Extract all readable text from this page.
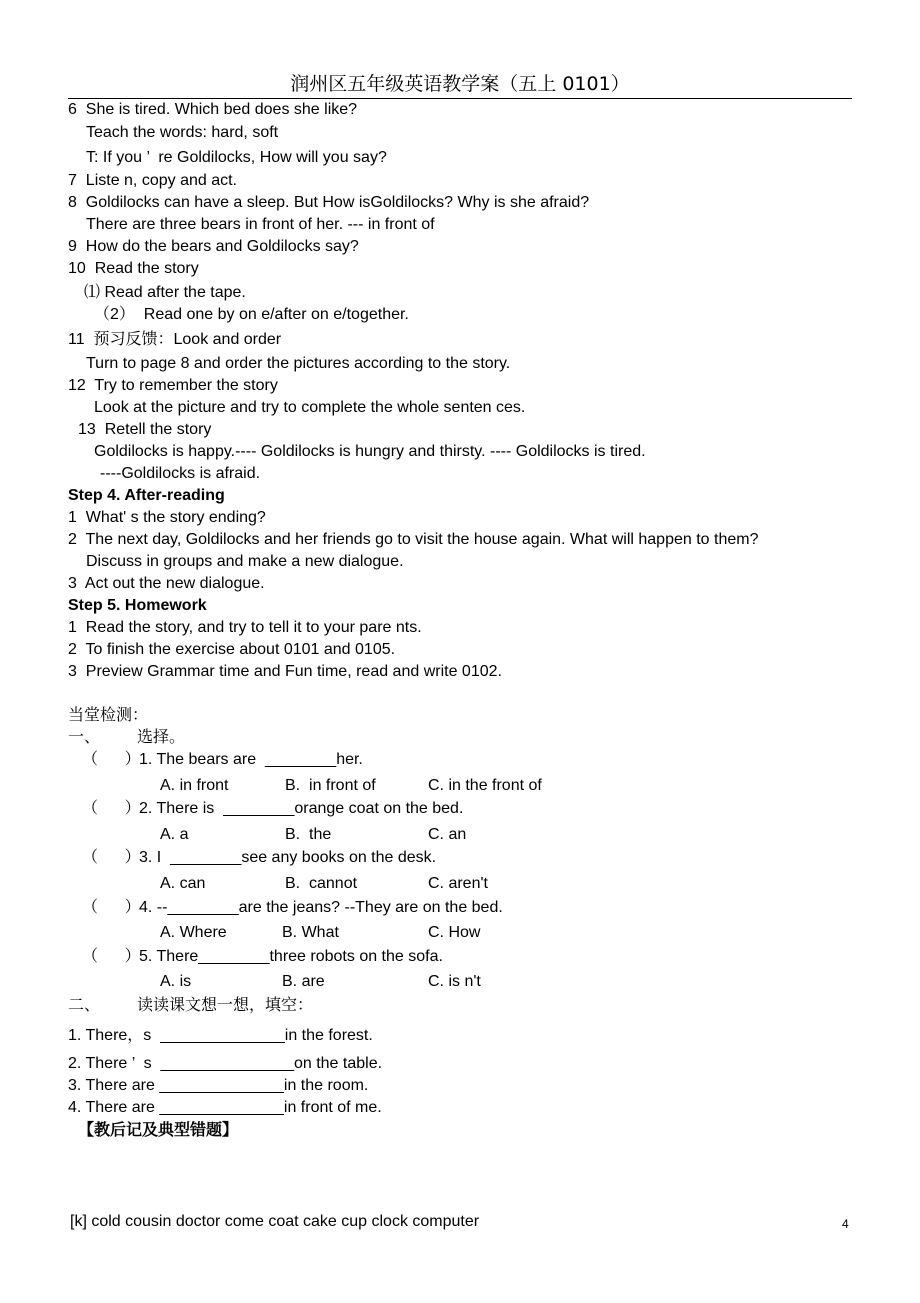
润州区五年级英语教学案（五上 0101）
6  She is tired. Which bed does she like?
Teach the words: hard, soft
T: If you ’  re Goldilocks, How will you say?
7  Liste n, copy and act.
8  Goldilocks can have a sleep. But How isGoldilocks? Why is she afraid?
There are three bears in front of her. --- in front of
9  How do the bears and Goldilocks say?
10  Read the story
⑴ Read after the tape.
（2）  Read one by on e/after on e/together.
11  预习反馈：Look and order
Turn to page 8 and order the pictures according to the story.
12  Try to remember the story
Look at the picture and try to complete the whole senten ces.
13  Retell the story
Goldilocks is happy.---- Goldilocks is hungry and thirsty. ---- Goldilocks is tired.
----Goldilocks is afraid.
Step 4. After-reading
1  What' s the story ending?
2  The next day, Goldilocks and her friends go to visit the house again. What will happen to them?
Discuss in groups and make a new dialogue.
3  Act out the new dialogue.
Step 5. Homework
1  Read the story, and try to tell it to your pare nts.
2  To finish the exercise about 0101 and 0105.
3  Preview Grammar time and Fun time, read and write 0102.
当堂检测：
一、 选择。
（      ）
1. The bears are  ________her.
A. in front	B.  in front of	C. in the front of
（      ）
2. There is  ________orange coat on the bed.
A. a	B.  the	C. an
（      ）
3. I  ________see any books on the desk.
A. can	B.  cannot	C. aren't
（      ）
4. --________are the jeans? --They are on the bed.
A. Where	B. What	C. How
（      ）
5. There________three robots on the sofa.
A. is	B. are	C. is n't
二、 读读课文想一想，填空：
1. There，s  ______________in the forest.
2. There ’  s  _______________on the table.
3. There are ______________in the room.
4. There are ______________in front of me.
【教后记及典型错题】
[k] cold cousin doctor come coat cake cup clock computer	4
